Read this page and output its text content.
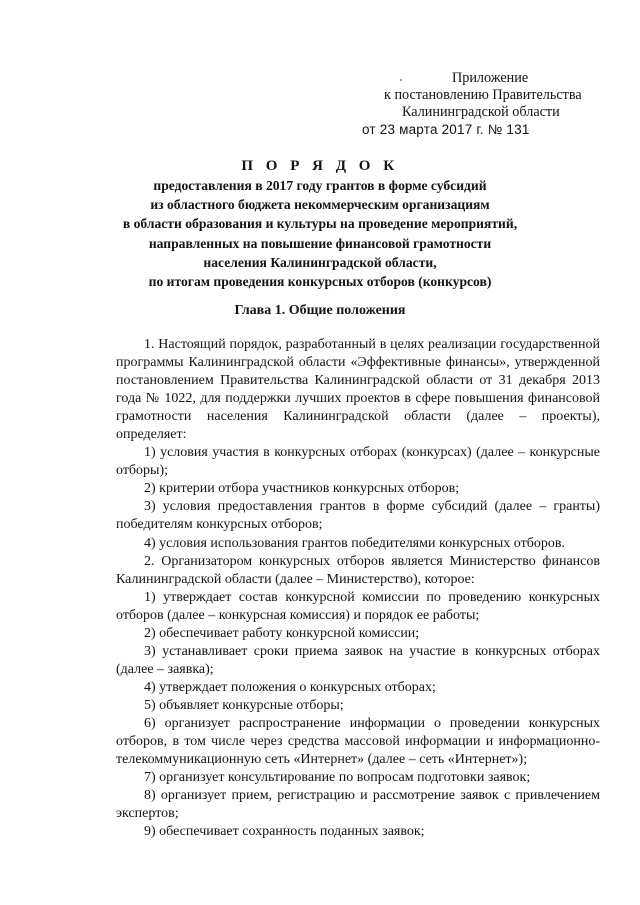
Приложение
к постановлению Правительства
Калининградской области
от 23 марта 2017 г. № 131
П О Р Я Д О К
предоставления в 2017 году грантов в форме субсидий
из областного бюджета некоммерческим организациям
в области образования и культуры на проведение мероприятий,
направленных на повышение финансовой грамотности
населения Калининградской области,
по итогам проведения конкурсных отборов (конкурсов)
Глава 1. Общие положения

1. Настоящий порядок, разработанный в целях реализации государственной программы Калининградской области «Эффективные финансы», утвержденной постановлением Правительства Калининградской области от 31 декабря 2013 года № 1022, для поддержки лучших проектов в сфере повышения финансовой грамотности населения Калининградской области (далее – проекты), определяет:

1) условия участия в конкурсных отборах (конкурсах) (далее – конкурсные отборы);

2) критерии отбора участников конкурсных отборов;

3) условия предоставления грантов в форме субсидий (далее – гранты) победителям конкурсных отборов;

4) условия использования грантов победителями конкурсных отборов.

2. Организатором конкурсных отборов является Министерство финансов Калининградской области (далее – Министерство), которое:

1) утверждает состав конкурсной комиссии по проведению конкурсных отборов (далее – конкурсная комиссия) и порядок ее работы;

2) обеспечивает работу конкурсной комиссии;

3) устанавливает сроки приема заявок на участие в конкурсных отборах (далее – заявка);

4) утверждает положения о конкурсных отборах;

5) объявляет конкурсные отборы;

6) организует распространение информации о проведении конкурсных отборов, в том числе через средства массовой информации и информационно-телекоммуникационную сеть «Интернет» (далее – сеть «Интернет»);

7) организует консультирование по вопросам подготовки заявок;

8) организует прием, регистрацию и рассмотрение заявок с привлечением экспертов;

9) обеспечивает сохранность поданных заявок;
